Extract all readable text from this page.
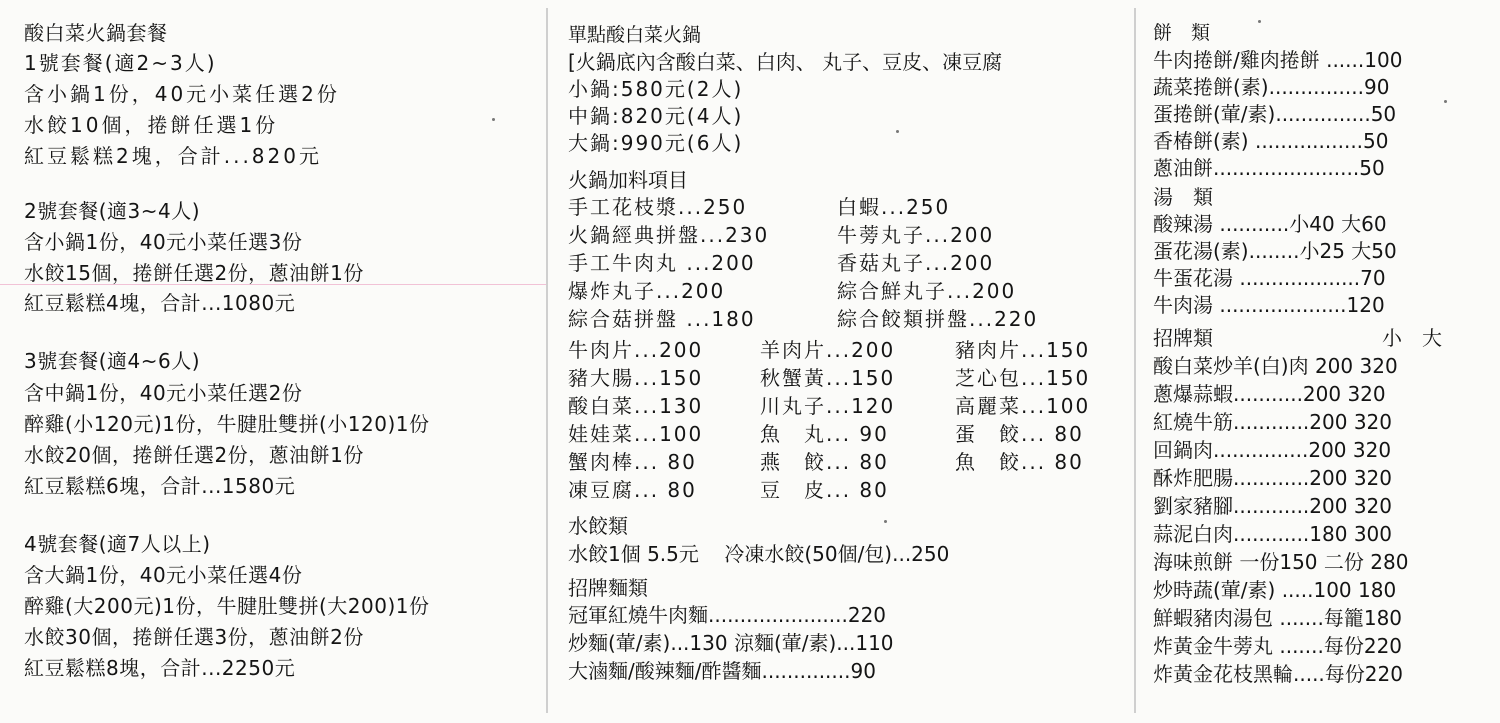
酸白菜火鍋套餐
1號套餐(適2~3人)
含小鍋1份，40元小菜任選2份
水餃10個，捲餅任選1份
紅豆鬆糕2塊，合計...820元
2號套餐(適3~4人)
含小鍋1份，40元小菜任選3份
水餃15個，捲餅任選2份，蔥油餅1份
紅豆鬆糕4塊，合計...1080元
3號套餐(適4~6人)
含中鍋1份，40元小菜任選2份
醉雞(小120元)1份，牛腱肚雙拼(小120)1份
水餃20個，捲餅任選2份，蔥油餅1份
紅豆鬆糕6塊，合計...1580元
4號套餐(適7人以上)
含大鍋1份，40元小菜任選4份
醉雞(大200元)1份，牛腱肚雙拼(大200)1份
水餃30個，捲餅任選3份，蔥油餅2份
紅豆鬆糕8塊，合計...2250元
單點酸白菜火鍋
[火鍋底內含酸白菜、白肉、 丸子、豆皮、凍豆腐
小鍋:580元(2人)
中鍋:820元(4人)
大鍋:990元(6人)
火鍋加料項目
手工花枝漿...250
火鍋經典拼盤...230
手工牛肉丸 ...200
爆炸丸子...200
綜合菇拼盤 ...180
白蝦...250
牛蒡丸子...200
香菇丸子...200
綜合鮮丸子...200
綜合餃類拼盤...220
牛肉片...200
豬大腸...150
酸白菜...130
娃娃菜...100
蟹肉棒... 80
凍豆腐... 80
羊肉片...200
秋蟹黃...150
川丸子...120
魚　丸... 90
燕　餃... 80
豆　皮... 80
豬肉片...150
芝心包...150
高麗菜...100
蛋　餃... 80
魚　餃... 80
水餃類
水餃1個 5.5元    冷凍水餃(50個/包)...250
招牌麵類
冠軍紅燒牛肉麵......................220
炒麵(葷/素)...130 涼麵(葷/素)...110
大滷麵/酸辣麵/酢醬麵..............90
餅　類
牛肉捲餅/雞肉捲餅 ......100
蔬菜捲餅(素)...............90
蛋捲餅(葷/素)...............50
香椿餅(素) .................50
蔥油餅.......................50
湯　類
酸辣湯 ...........小40 大60
蛋花湯(素)........小25 大50
牛蛋花湯 ...................70
牛肉湯 ....................120
招牌類	小　大
酸白菜炒羊(白)肉 200 320
蔥爆蒜蝦...........200 320
紅燒牛筋............200 320
回鍋肉...............200 320
酥炸肥腸............200 320
劉家豬腳............200 320
蒜泥白肉............180 300
海味煎餅 一份150 二份 280
炒時蔬(葷/素) .....100 180
鮮蝦豬肉湯包 .......每籠180
炸黃金牛蒡丸 .......每份220
炸黃金花枝黑輪.....每份220
